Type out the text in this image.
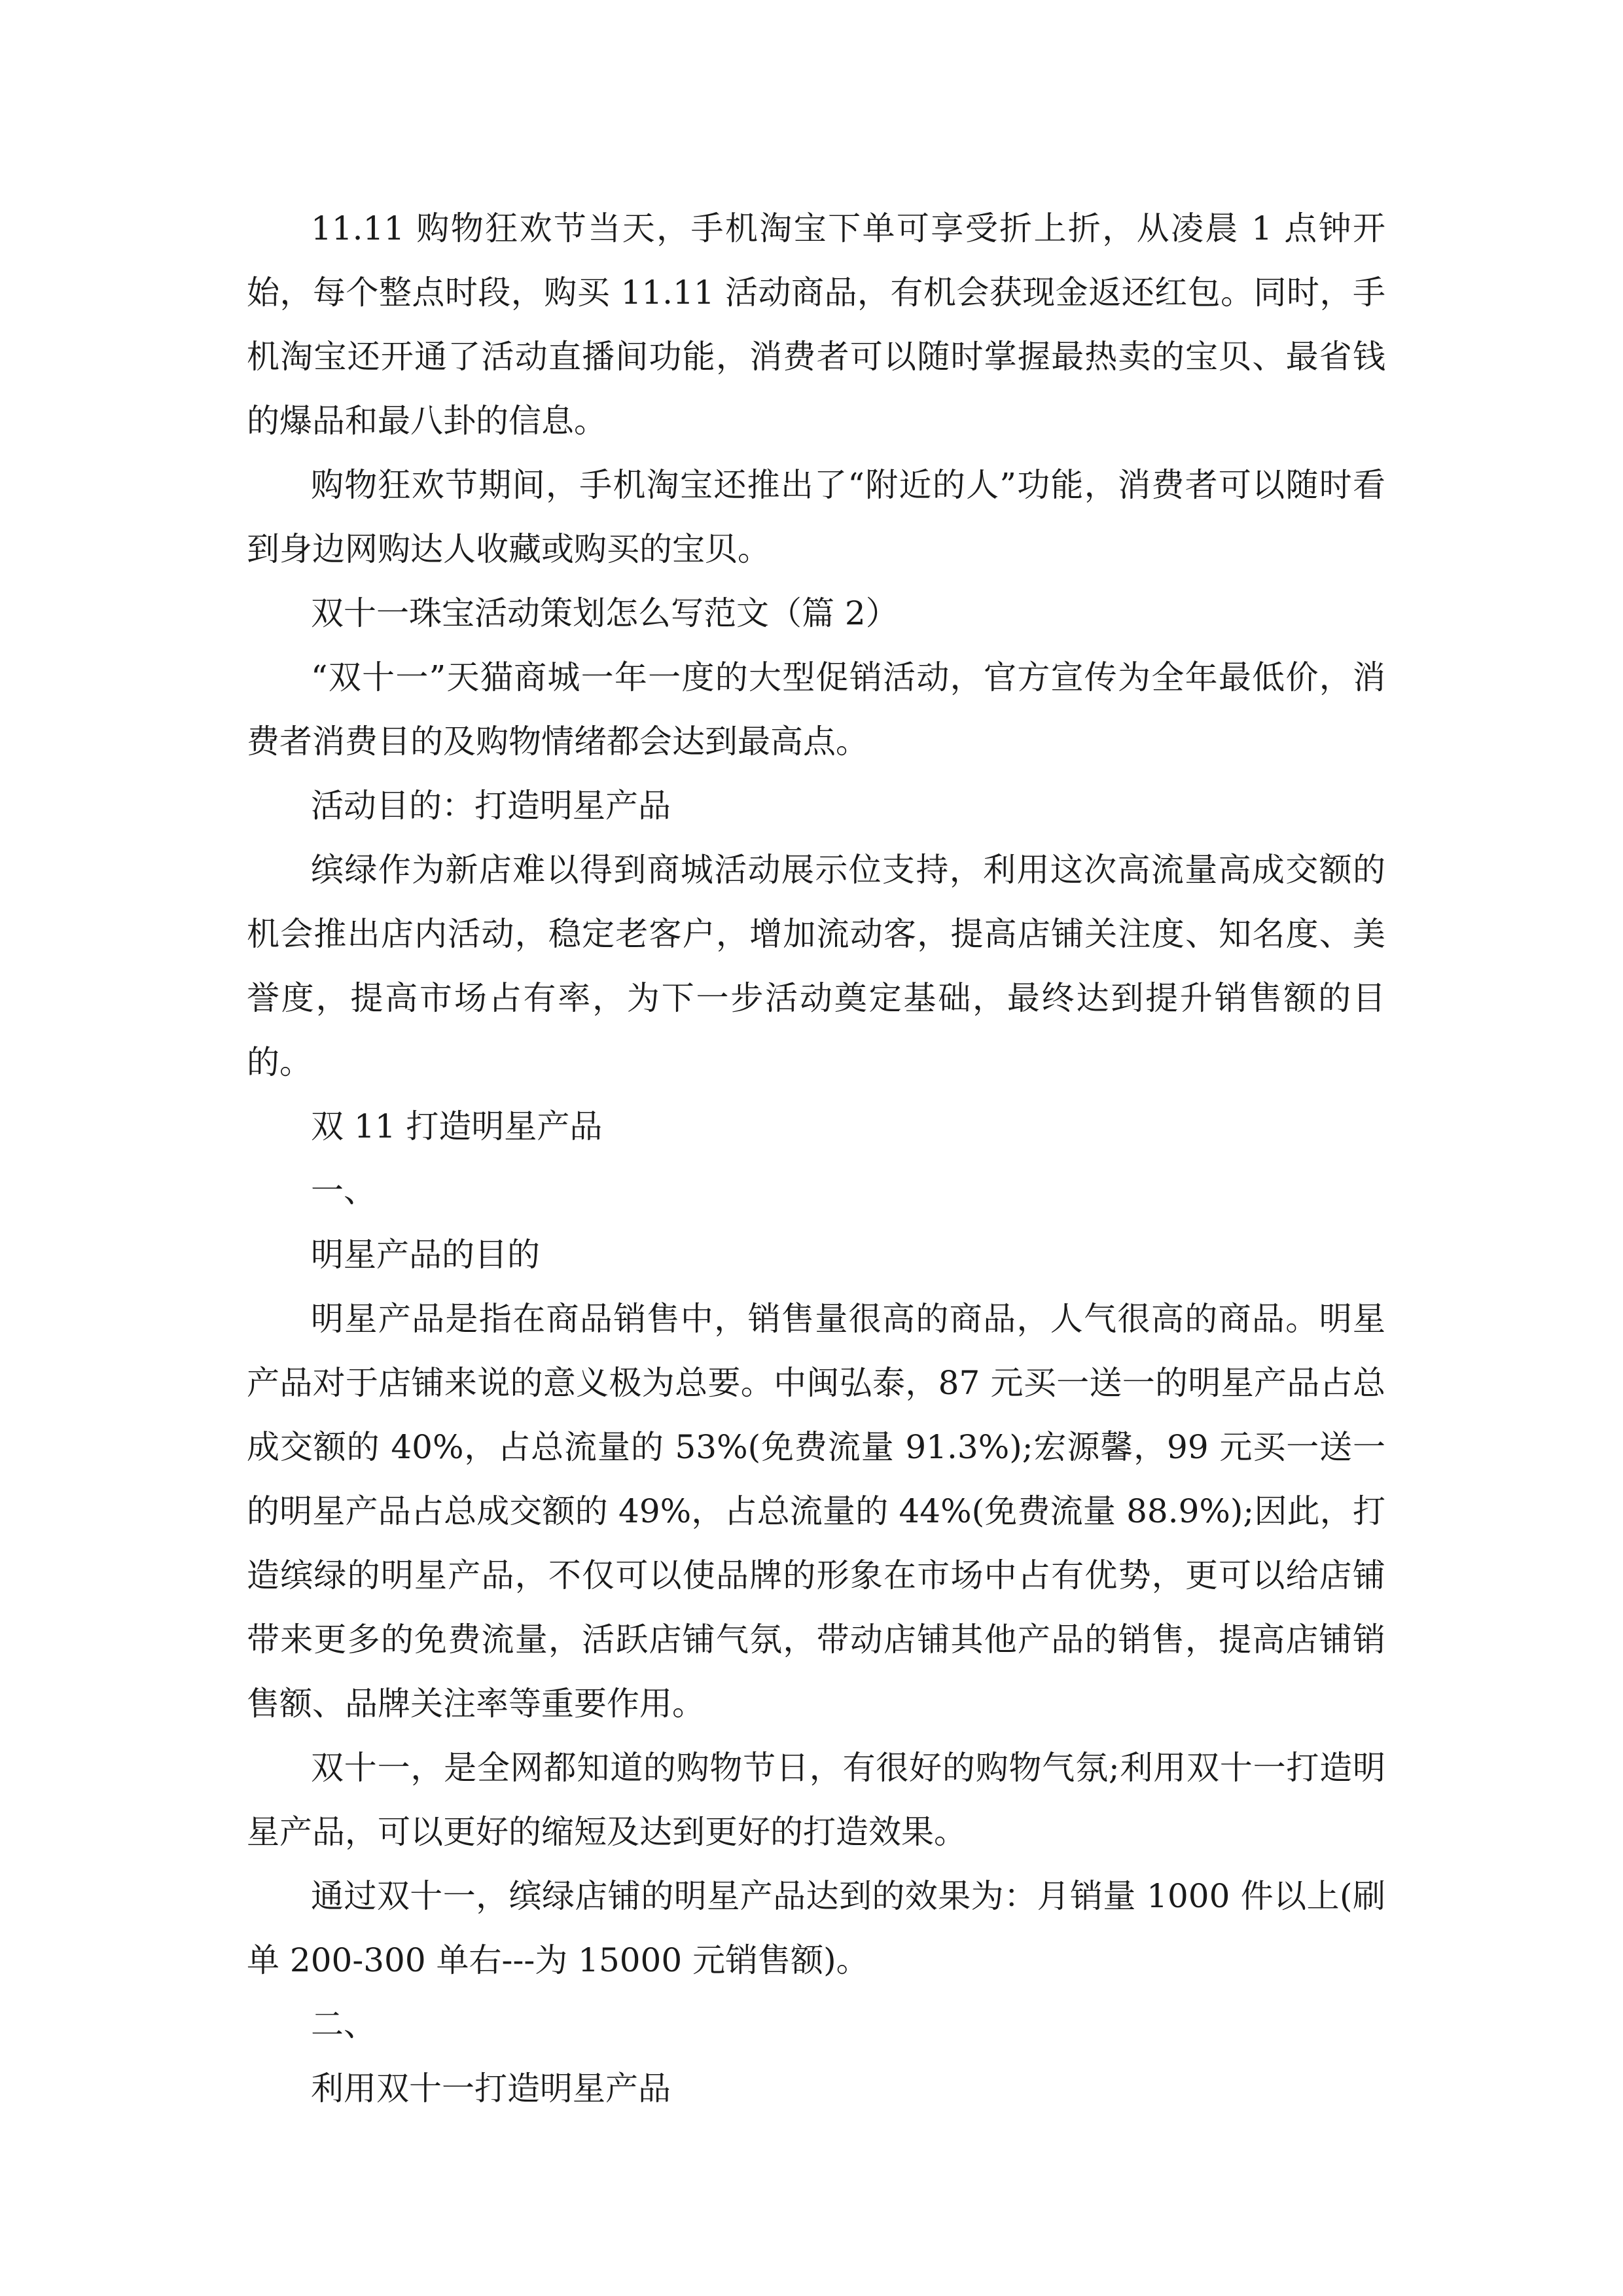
11.11 购物狂欢节当天，手机淘宝下单可享受折上折，从凌晨 1 点钟开始，每个整点时段，购买 11.11 活动商品，有机会获现金返还红包。同时，手机淘宝还开通了活动直播间功能，消费者可以随时掌握最热卖的宝贝、最省钱的爆品和最八卦的信息。

购物狂欢节期间，手机淘宝还推出了“附近的人”功能，消费者可以随时看到身边网购达人收藏或购买的宝贝。

双十一珠宝活动策划怎么写范文（篇 2）

“双十一”天猫商城一年一度的大型促销活动，官方宣传为全年最低价，消费者消费目的及购物情绪都会达到最高点。

活动目的：打造明星产品

缤绿作为新店难以得到商城活动展示位支持，利用这次高流量高成交额的机会推出店内活动，稳定老客户，增加流动客，提高店铺关注度、知名度、美誉度，提高市场占有率，为下一步活动奠定基础，最终达到提升销售额的目的。

双 11 打造明星产品

一、

明星产品的目的

明星产品是指在商品销售中，销售量很高的商品，人气很高的商品。明星产品对于店铺来说的意义极为总要。中闽弘泰，87 元买一送一的明星产品占总成交额的 40%，占总流量的 53%(免费流量 91.3%);宏源馨，99 元买一送一的明星产品占总成交额的 49%，占总流量的 44%(免费流量 88.9%);因此，打造缤绿的明星产品，不仅可以使品牌的形象在市场中占有优势，更可以给店铺带来更多的免费流量，活跃店铺气氛，带动店铺其他产品的销售，提高店铺销售额、品牌关注率等重要作用。

双十一，是全网都知道的购物节日，有很好的购物气氛;利用双十一打造明星产品，可以更好的缩短及达到更好的打造效果。

通过双十一，缤绿店铺的明星产品达到的效果为：月销量 1000 件以上(刷单 200-300 单右---为 15000 元销售额)。

二、

利用双十一打造明星产品
